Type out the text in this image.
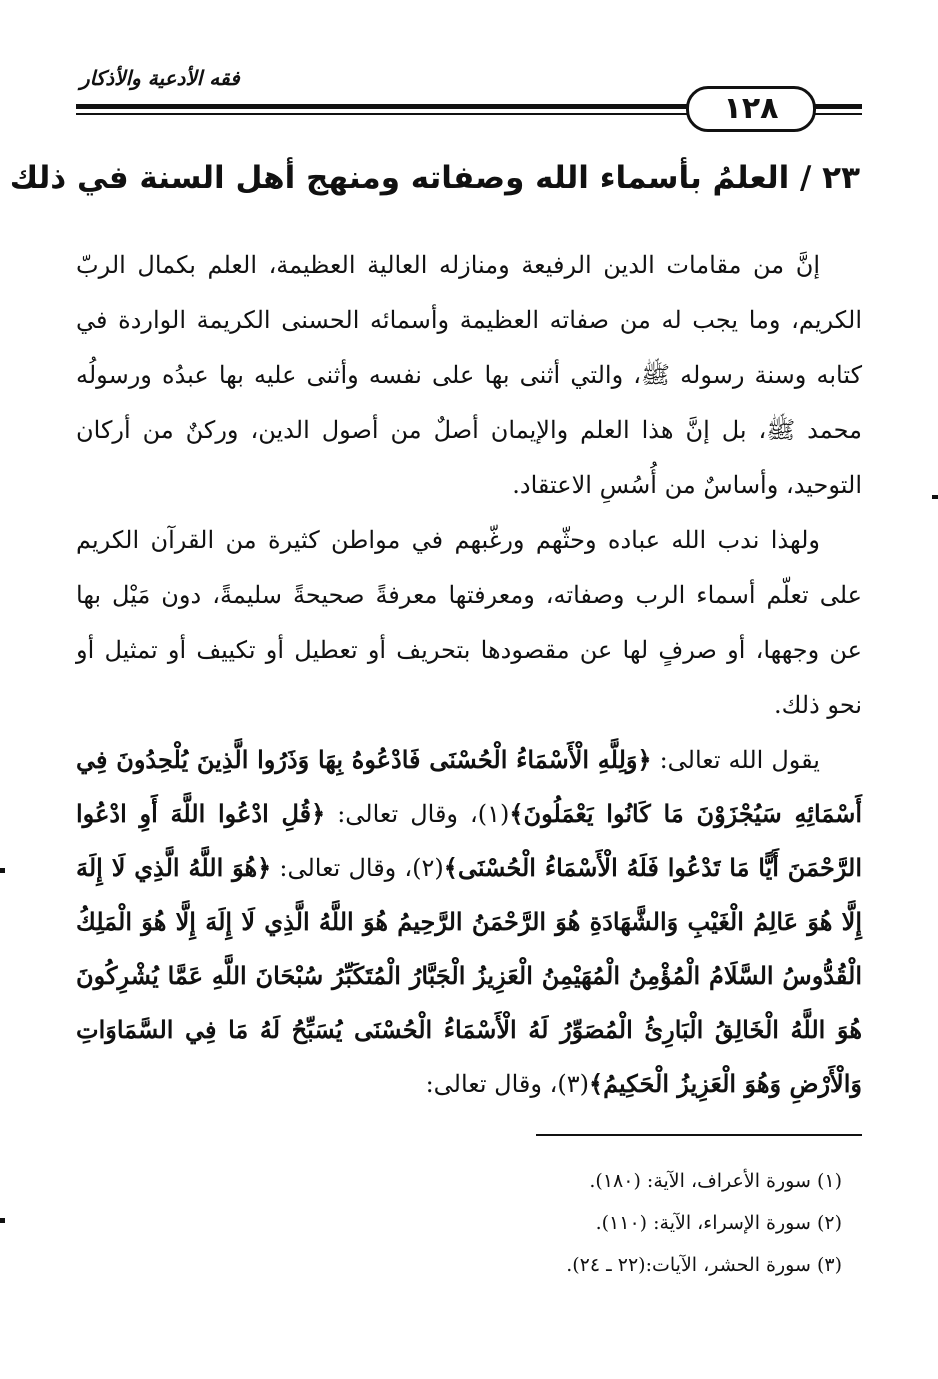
فقه الأدعية والأذكار
١٢٨
٢٣ / العلمُ بأسماء الله وصفاته ومنهج أهل السنة في ذلك

إنَّ من مقامات الدين الرفيعة ومنازله العالية العظيمة، العلم بكمال الربّ الكريم، وما يجب له من صفاته العظيمة وأسمائه الحسنى الكريمة الواردة في كتابه وسنة رسوله ﷺ، والتي أثنى بها على نفسه وأثنى عليه بها عبدُه ورسولُه محمد ﷺ، بل إنَّ هذا العلم والإيمان أصلٌ من أصول الدين، وركنٌ من أركان التوحيد، وأساسٌ من أُسُسِ الاعتقاد.

ولهذا ندب الله عباده وحثّهم ورغّبهم في مواطن كثيرة من القرآن الكريم على تعلّم أسماء الرب وصفاته، ومعرفتها معرفةً صحيحةً سليمةً، دون مَيْل بها عن وجهها، أو صرفٍ لها عن مقصودها بتحريف أو تعطيل أو تكييف أو تمثيل أو نحو ذلك.

يقول الله تعالى: ﴿وَلِلَّهِ الْأَسْمَاءُ الْحُسْنَى فَادْعُوهُ بِهَا وَذَرُوا الَّذِينَ يُلْحِدُونَ فِي أَسْمَائِهِ سَيُجْزَوْنَ مَا كَانُوا يَعْمَلُونَ﴾(١)، وقال تعالى: ﴿قُلِ ادْعُوا اللَّهَ أَوِ ادْعُوا الرَّحْمَنَ أَيًّا مَا تَدْعُوا فَلَهُ الْأَسْمَاءُ الْحُسْنَى﴾(٢)، وقال تعالى: ﴿هُوَ اللَّهُ الَّذِي لَا إِلَهَ إِلَّا هُوَ عَالِمُ الْغَيْبِ وَالشَّهَادَةِ هُوَ الرَّحْمَنُ الرَّحِيمُ هُوَ اللَّهُ الَّذِي لَا إِلَهَ إِلَّا هُوَ الْمَلِكُ الْقُدُّوسُ السَّلَامُ الْمُؤْمِنُ الْمُهَيْمِنُ الْعَزِيزُ الْجَبَّارُ الْمُتَكَبِّرُ سُبْحَانَ اللَّهِ عَمَّا يُشْرِكُونَ هُوَ اللَّهُ الْخَالِقُ الْبَارِئُ الْمُصَوِّرُ لَهُ الْأَسْمَاءُ الْحُسْنَى يُسَبِّحُ لَهُ مَا فِي السَّمَاوَاتِ وَالْأَرْضِ وَهُوَ الْعَزِيزُ الْحَكِيمُ﴾(٣)، وقال تعالى:

(١) سورة الأعراف، الآية: (١٨٠).
(٢) سورة الإسراء، الآية: (١١٠).
(٣) سورة الحشر، الآيات:(٢٢ ـ ٢٤).
